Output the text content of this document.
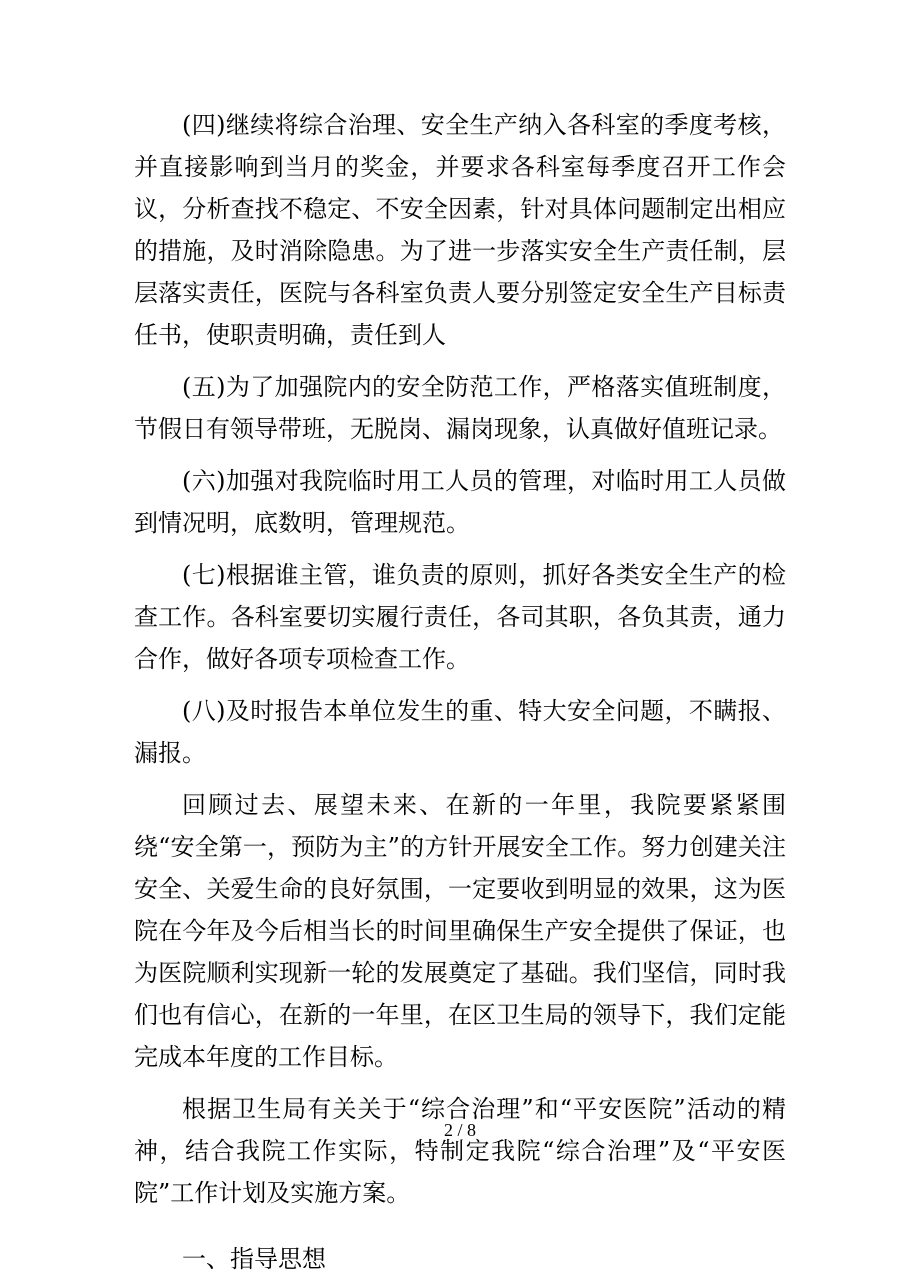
(四)继续将综合治理、安全生产纳入各科室的季度考核，并直接影响到当月的奖金，并要求各科室每季度召开工作会议，分析查找不稳定、不安全因素，针对具体问题制定出相应的措施，及时消除隐患。为了进一步落实安全生产责任制，层层落实责任，医院与各科室负责人要分别签定安全生产目标责任书，使职责明确，责任到人

(五)为了加强院内的安全防范工作，严格落实值班制度，节假日有领导带班，无脱岗、漏岗现象，认真做好值班记录。

(六)加强对我院临时用工人员的管理，对临时用工人员做到情况明，底数明，管理规范。

(七)根据谁主管，谁负责的原则，抓好各类安全生产的检查工作。各科室要切实履行责任，各司其职，各负其责，通力合作，做好各项专项检查工作。

(八)及时报告本单位发生的重、特大安全问题，不瞒报、漏报。

回顾过去、展望未来、在新的一年里，我院要紧紧围绕“安全第一，预防为主”的方针开展安全工作。努力创建关注安全、关爱生命的良好氛围，一定要收到明显的效果，这为医院在今年及今后相当长的时间里确保生产安全提供了保证，也为医院顺利实现新一轮的发展奠定了基础。我们坚信，同时我们也有信心，在新的一年里，在区卫生局的领导下，我们定能完成本年度的工作目标。

根据卫生局有关关于“综合治理”和“平安医院”活动的精神，结合我院工作实际，特制定我院“综合治理”及“平安医院”工作计划及实施方案。

一、指导思想

2 / 8
